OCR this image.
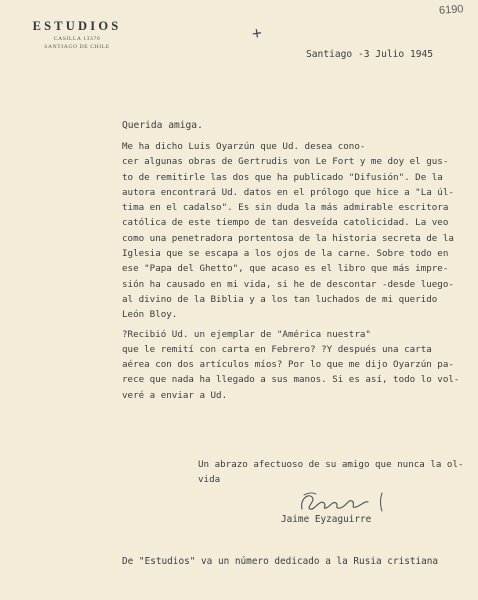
ESTUDIOS
CASILLA 13370
SANTIAGO DE CHILE
6190
+
Santiago -3 Julio 1945
Querida amiga.
Me ha dicho Luis Oyarzún que Ud. desea cono-
cer algunas obras de Gertrudis von Le Fort y me doy el gus-
to de remitirle las dos que ha publicado "Difusión". De la
autora encontrará Ud. datos en el prólogo que hice a "La úl-
tima en el cadalso". Es sin duda la más admirable escritora
católica de este tiempo de tan desveída catolicidad. La veo
como una penetradora portentosa de la historia secreta de la
Iglesia que se escapa a los ojos de la carne. Sobre todo en
ese "Papa del Ghetto", que acaso es el libro que más impre-
sión ha causado en mi vida, si he de descontar -desde luego-
al divino de la Biblia y a los tan luchados de mi querido
León Bloy.
?Recibió Ud. un ejemplar de "América nuestra"
que le remití con carta en Febrero? ?Y después una carta
aérea con dos artículos míos? Por lo que me dijo Oyarzún pa-
rece que nada ha llegado a sus manos. Si es así, todo lo vol-
veré a enviar a Ud.
Un abrazo afectuoso de su amigo que nunca la ol-
vida
Jaime Eyzaguirre
De "Estudios" va un número dedicado a la Rusia cristiana
